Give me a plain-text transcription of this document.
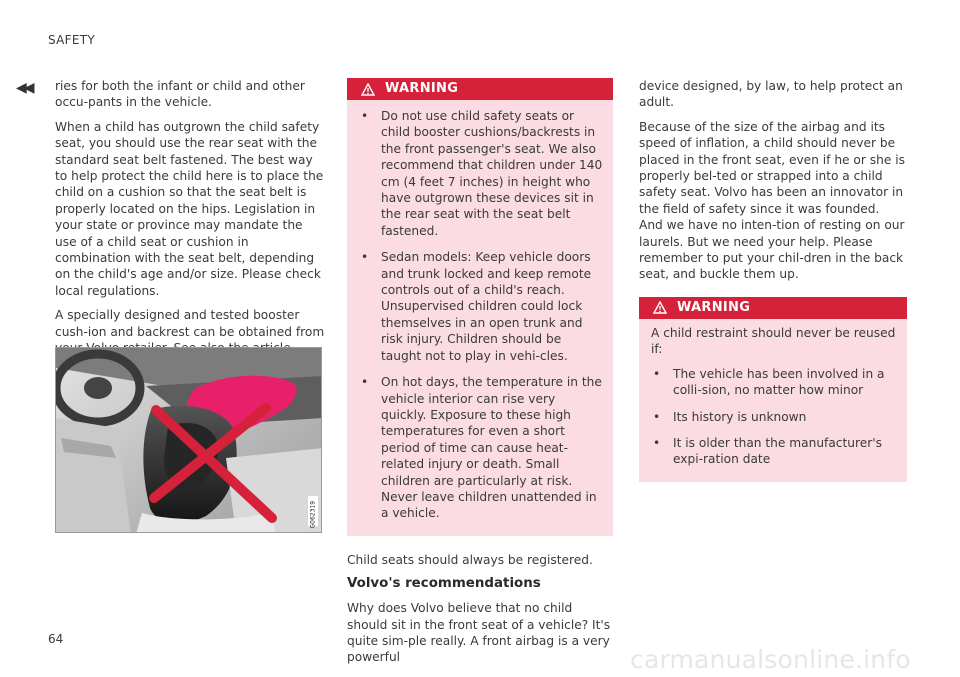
SAFETY
◀◀ ries for both the infant or child and other occu-pants in the vehicle.

When a child has outgrown the child safety seat, you should use the rear seat with the standard seat belt fastened. The best way to help protect the child here is to place the child on a cushion so that the seat belt is properly located on the hips. Legislation in your state or province may mandate the use of a child seat or cushion in combination with the seat belt, depending on the child's age and/or size. Please check local regulations.

A specially designed and tested booster cush-ion and backrest can be obtained from

G062319
WARNING
• Do not use child safety seats or child booster cushions/backrests in the front passenger's seat. We also recommend that children under 140 cm (4 feet 7 inches) in height who have outgrown these devices sit in the rear seat with the seat belt fastened.
• Sedan models: Keep vehicle doors and trunk locked and keep remote controls out of a child's reach. Unsupervised children could lock themselves in an open trunk and risk injury. Children should be taught not to play in vehi-cles.
• On hot days, the temperature in the vehicle interior can rise very quickly. Exposure to these high temperatures for even a short period of time can cause heat-related injury or death. Small children are particularly at risk. Never leave children unattended in a vehicle.

Child seats should always be registered.

Volvo's recommendations

Why does Volvo believe that no child should sit in the front seat of a vehicle? It's quite sim-ple really. A front airbag is a very powerful

device designed, by law, to help protect an adult.

Because of the size of the airbag and its speed of inflation, a child should never be placed in the front seat, even if he or she is properly bel-ted or strapped into a child safety seat. Volvo has been an innovator in the field of safety since it was founded. And we have no inten-tion of resting on our laurels. But we need your help. Please remember to put your chil-dren in the back seat, and buckle them up.

WARNING

A child restraint should never be reused if:

• The vehicle has been involved in a colli-sion, no matter how minor
• Its history is unknown
• It is older than the manufacturer's expi-ration date
64
carmanualsonline.info
